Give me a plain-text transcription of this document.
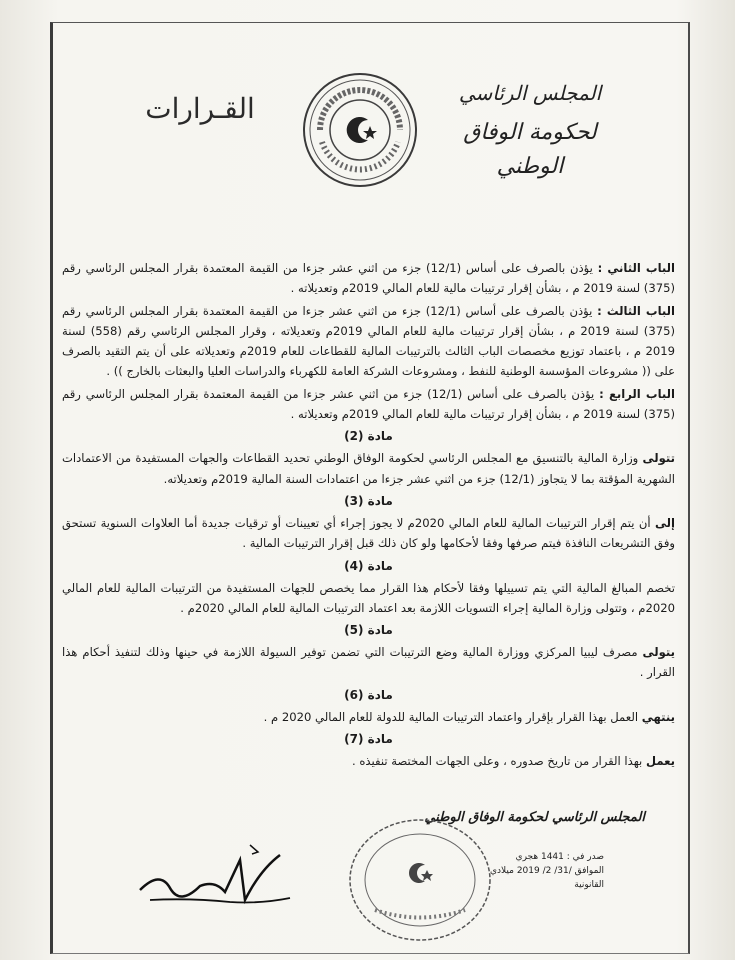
القـرارات	المجلس الرئاسي
لحكومة الوفاق الوطني

الباب الثاني : يؤذن بالصرف على أساس (12/1) جزء من اثني عشر جزءا من القيمة المعتمدة بقرار المجلس الرئاسي رقم (375) لسنة 2019 م ، بشأن إقرار ترتيبات مالية للعام المالي 2019م وتعديلاته .

الباب الثالث : يؤذن بالصرف على أساس (12/1) جزء من اثني عشر جزءا من القيمة المعتمدة بقرار المجلس الرئاسي رقم (375) لسنة 2019 م ، بشأن إقرار ترتيبات مالية للعام المالي 2019م وتعديلاته ، وقرار المجلس الرئاسي رقم (558) لسنة 2019 م ، باعتماد توزيع مخصصات الباب الثالث بالترتيبات المالية للقطاعات للعام 2019م وتعديلاته على أن يتم التقيد بالصرف على (( مشروعات المؤسسة الوطنية للنفط ، ومشروعات الشركة العامة للكهرباء والدراسات العليا والبعثات بالخارج )) .

الباب الرابع : يؤذن بالصرف على أساس (12/1) جزء من اثني عشر جزءا من القيمة المعتمدة بقرار المجلس الرئاسي رقم (375) لسنة 2019 م ، بشأن إقرار ترتيبات مالية للعام المالي 2019م وتعديلاته .

مادة (2)

تتولى وزارة المالية بالتنسيق مع المجلس الرئاسي لحكومة الوفاق الوطني تحديد القطاعات والجهات المستفيدة من الاعتمادات الشهرية المؤقتة بما لا يتجاوز (12/1) جزء من اثني عشر جزءا من اعتمادات السنة المالية 2019م وتعديلاته.

مادة (3)

إلى أن يتم إقرار الترتيبات المالية للعام المالي 2020م لا يجوز إجراء أي تعيينات أو ترقيات جديدة أما العلاوات السنوية تستحق وفق التشريعات النافذة فيتم صرفها وفقا لأحكامها ولو كان ذلك قبل إقرار الترتيبات المالية .

مادة (4)

تخصم المبالغ المالية التي يتم تسييلها وفقا لأحكام هذا القرار مما يخصص للجهات المستفيدة من الترتيبات المالية للعام المالي 2020م ، وتتولى وزارة المالية إجراء التسويات اللازمة بعد اعتماد الترتيبات المالية للعام المالي 2020م .

مادة (5)

يتولى مصرف ليبيا المركزي ووزارة المالية وضع الترتيبات التي تضمن توفير السيولة اللازمة في حينها وذلك لتنفيذ أحكام هذا القرار .

مادة (6)

ينتهي العمل بهذا القرار بإقرار واعتماد الترتيبات المالية للدولة للعام المالي 2020 م .

مادة (7)

يعمل بهذا القرار من تاريخ صدوره ، وعلى الجهات المختصة تنفيذه .

المجلس الرئاسي لحكومة الوفاق الوطني
صدر في : 1441 هجري
الموافق /31/ 2/ 2019 ميلادي
القانونية
